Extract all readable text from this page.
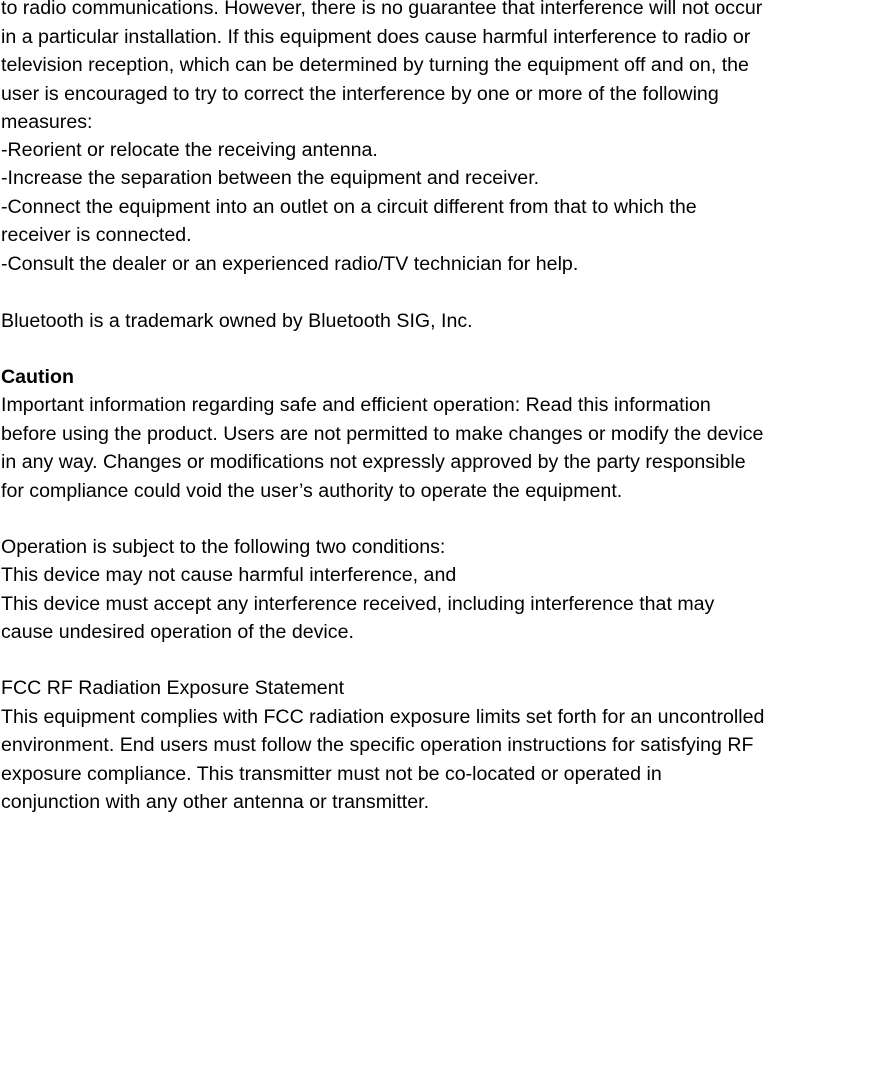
to radio communications. However, there is no guarantee that interference will not occur
in a particular installation. If this equipment does cause harmful interference to radio or
television reception, which can be determined by turning the equipment off and on, the
user is encouraged to try to correct the interference by one or more of the following
measures:
-Reorient or relocate the receiving antenna.
-Increase the separation between the equipment and receiver.
-Connect the equipment into an outlet on a circuit different from that to which the
receiver is connected.
-Consult the dealer or an experienced radio/TV technician for help.
Bluetooth is a trademark owned by Bluetooth SIG, Inc.
Caution
Important information regarding safe and efficient operation: Read this information
before using the product. Users are not permitted to make changes or modify the device
in any way. Changes or modifications not expressly approved by the party responsible
for compliance could void the user’s authority to operate the equipment.
Operation is subject to the following two conditions:
This device may not cause harmful interference, and
This device must accept any interference received, including interference that may
cause undesired operation of the device.
FCC RF Radiation Exposure Statement
This equipment complies with FCC radiation exposure limits set forth for an uncontrolled
environment. End users must follow the specific operation instructions for satisfying RF
exposure compliance. This transmitter must not be co-located or operated in
conjunction with any other antenna or transmitter.
